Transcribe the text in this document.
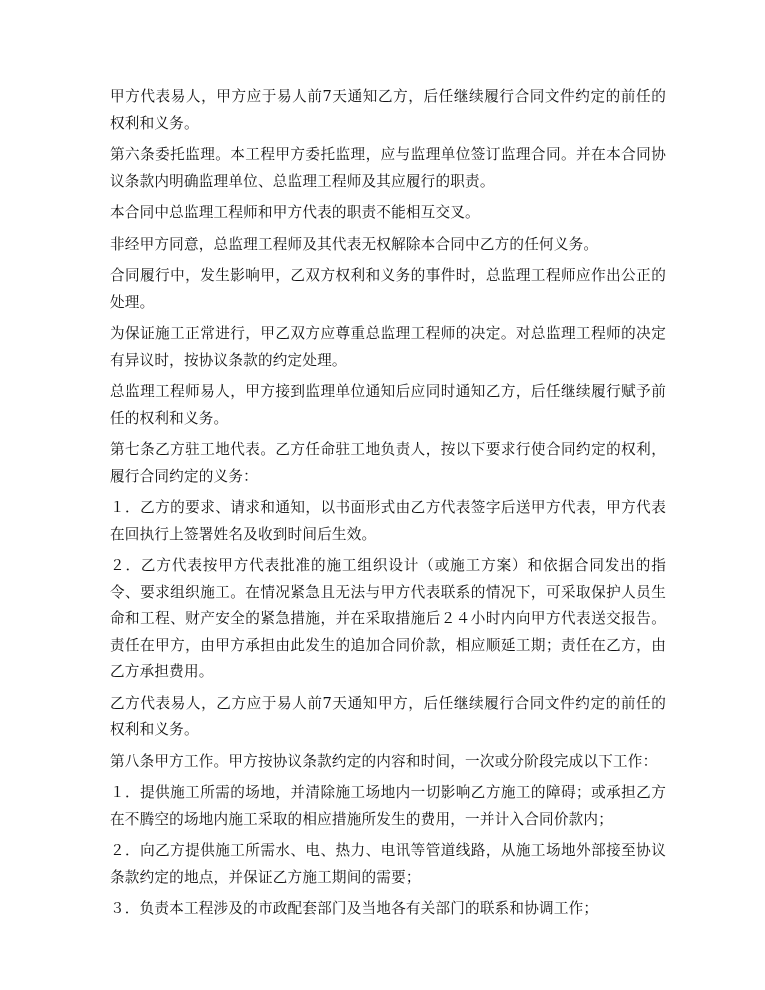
甲方代表易人，甲方应于易人前7天通知乙方，后任继续履行合同文件约定的前任的权利和义务。

第六条委托监理。本工程甲方委托监理，应与监理单位签订监理合同。并在本合同协议条款内明确监理单位、总监理工程师及其应履行的职责。

本合同中总监理工程师和甲方代表的职责不能相互交叉。

非经甲方同意，总监理工程师及其代表无权解除本合同中乙方的任何义务。

合同履行中，发生影响甲，乙双方权利和义务的事件时，总监理工程师应作出公正的处理。

为保证施工正常进行，甲乙双方应尊重总监理工程师的决定。对总监理工程师的决定有异议时，按协议条款的约定处理。

总监理工程师易人，甲方接到监理单位通知后应同时通知乙方，后任继续履行赋予前任的权利和义务。

第七条乙方驻工地代表。乙方任命驻工地负责人，按以下要求行使合同约定的权利，履行合同约定的义务：

１．乙方的要求、请求和通知，以书面形式由乙方代表签字后送甲方代表，甲方代表在回执行上签署姓名及收到时间后生效。

２．乙方代表按甲方代表批准的施工组织设计（或施工方案）和依据合同发出的指令、要求组织施工。在情况紧急且无法与甲方代表联系的情况下，可采取保护人员生命和工程、财产安全的紧急措施，并在采取措施后２４小时内向甲方代表送交报告。责任在甲方，由甲方承担由此发生的追加合同价款，相应顺延工期；责任在乙方，由乙方承担费用。

乙方代表易人，乙方应于易人前7天通知甲方，后任继续履行合同文件约定的前任的权利和义务。

第八条甲方工作。甲方按协议条款约定的内容和时间，一次或分阶段完成以下工作：

１．提供施工所需的场地，并清除施工场地内一切影响乙方施工的障碍；或承担乙方在不腾空的场地内施工采取的相应措施所发生的费用，一并计入合同价款内；

２．向乙方提供施工所需水、电、热力、电讯等管道线路，从施工场地外部接至协议条款约定的地点，并保证乙方施工期间的需要；

３．负责本工程涉及的市政配套部门及当地各有关部门的联系和协调工作；
